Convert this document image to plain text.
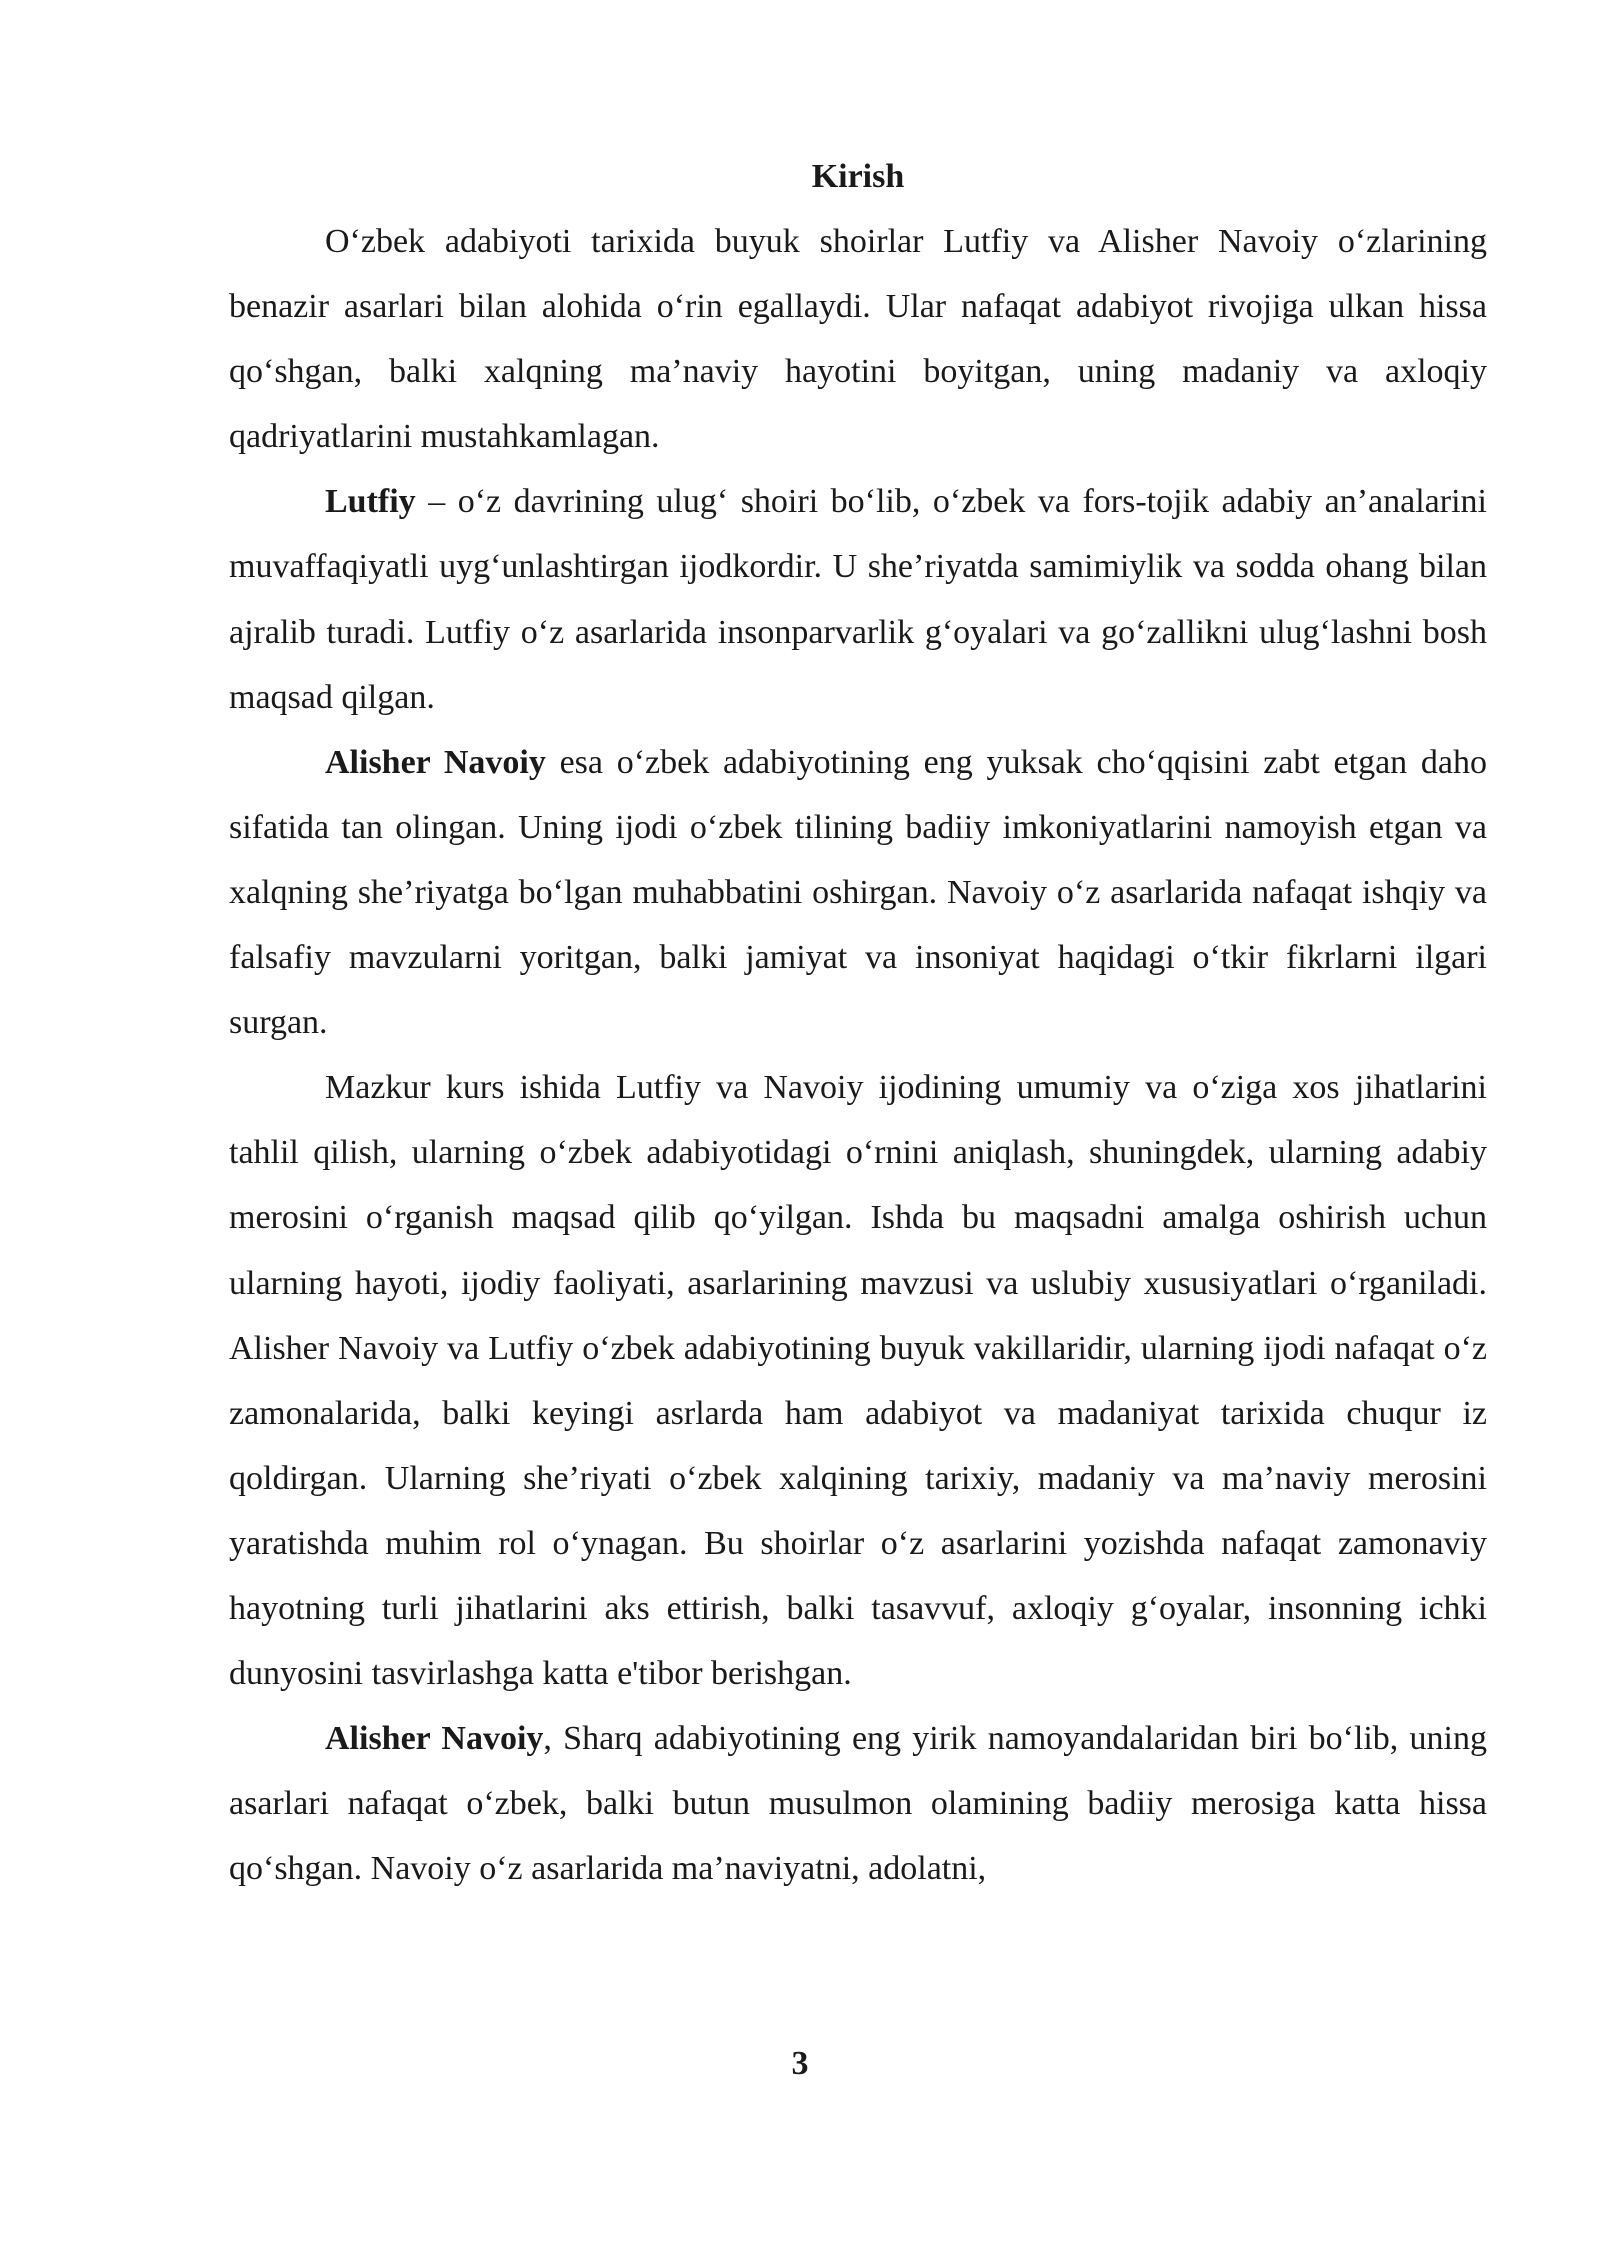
Kirish

O‘zbek adabiyoti tarixida buyuk shoirlar Lutfiy va Alisher Navoiy o‘zlarining benazir asarlari bilan alohida o‘rin egallaydi. Ular nafaqat adabiyot rivojiga ulkan hissa qo‘shgan, balki xalqning ma’naviy hayotini boyitgan, uning madaniy va axloqiy qadriyatlarini mustahkamlagan.

Lutfiy – o‘z davrining ulug‘ shoiri bo‘lib, o‘zbek va fors-tojik adabiy an’analarini muvaffaqiyatli uyg‘unlashtirgan ijodkordir. U she’riyatda samimiylik va sodda ohang bilan ajralib turadi. Lutfiy o‘z asarlarida insonparvarlik g‘oyalari va go‘zallikni ulug‘lashni bosh maqsad qilgan.

Alisher Navoiy esa o‘zbek adabiyotining eng yuksak cho‘qqisini zabt etgan daho sifatida tan olingan. Uning ijodi o‘zbek tilining badiiy imkoniyatlarini namoyish etgan va xalqning she’riyatga bo‘lgan muhabbatini oshirgan. Navoiy o‘z asarlarida nafaqat ishqiy va falsafiy mavzularni yoritgan, balki jamiyat va insoniyat haqidagi o‘tkir fikrlarni ilgari surgan.

Mazkur kurs ishida Lutfiy va Navoiy ijodining umumiy va o‘ziga xos jihatlarini tahlil qilish, ularning o‘zbek adabiyotidagi o‘rnini aniqlash, shuningdek, ularning adabiy merosini o‘rganish maqsad qilib qo‘yilgan. Ishda bu maqsadni amalga oshirish uchun ularning hayoti, ijodiy faoliyati, asarlarining mavzusi va uslubiy xususiyatlari o‘rganiladi. Alisher Navoiy va Lutfiy o‘zbek adabiyotining buyuk vakillaridir, ularning ijodi nafaqat o‘z zamonalarida, balki keyingi asrlarda ham adabiyot va madaniyat tarixida chuqur iz qoldirgan. Ularning she’riyati o‘zbek xalqining tarixiy, madaniy va ma’naviy merosini yaratishda muhim rol o‘ynagan. Bu shoirlar o‘z asarlarini yozishda nafaqat zamonaviy hayotning turli jihatlarini aks ettirish, balki tasavvuf, axloqiy g‘oyalar, insonning ichki dunyosini tasvirlashga katta e'tibor berishgan.

Alisher Navoiy, Sharq adabiyotining eng yirik namoyandalaridan biri bo‘lib, uning asarlari nafaqat o‘zbek, balki butun musulmon olamining badiiy merosiga katta hissa qo‘shgan. Navoiy o‘z asarlarida ma’naviyatni, adolatni,

3
